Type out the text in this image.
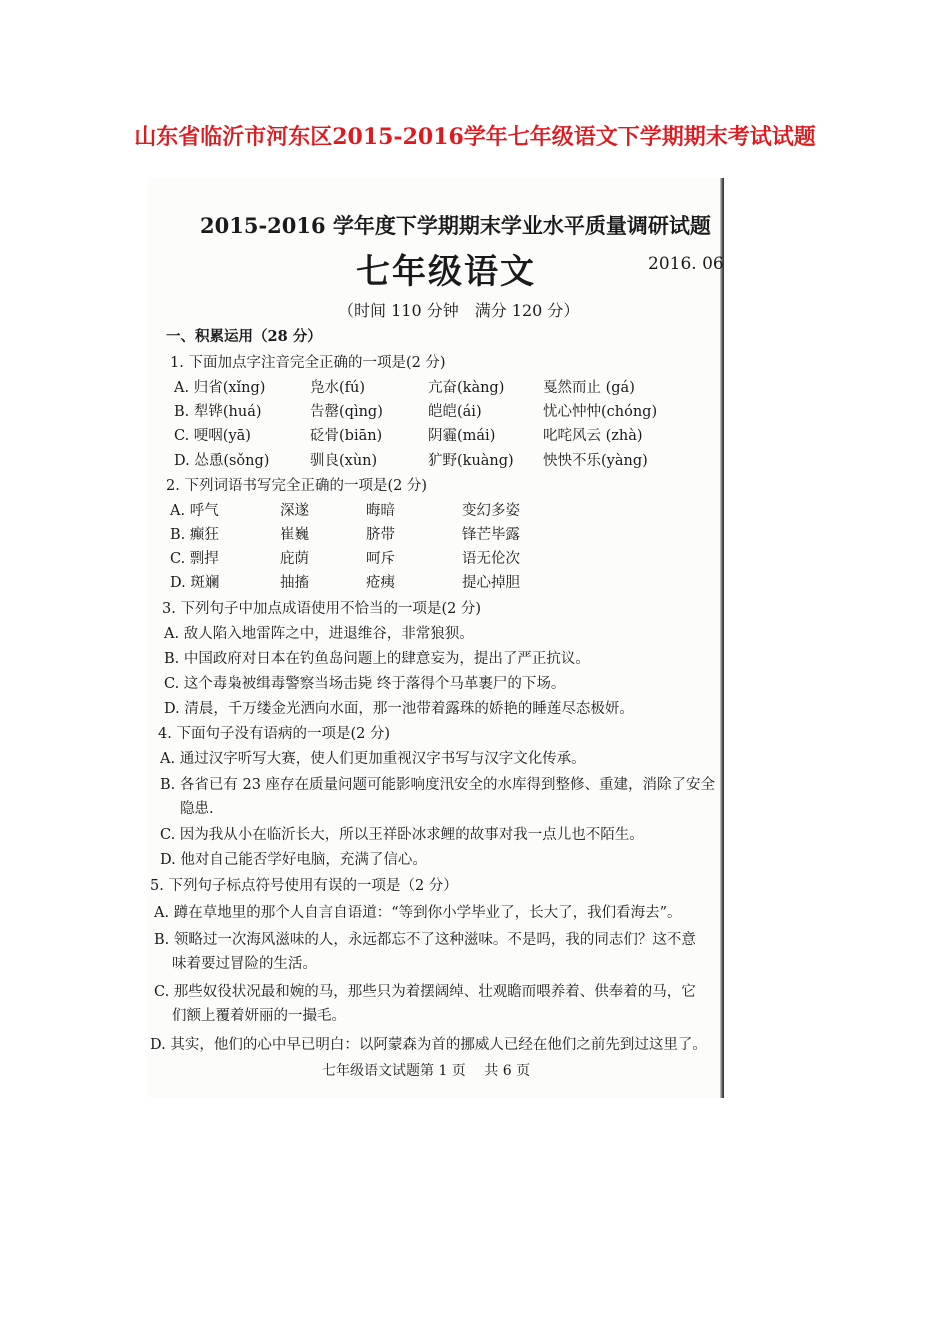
山东省临沂市河东区2015-2016学年七年级语文下学期期末考试试题
2015-2016 学年度下学期期末学业水平质量调研试题
七年级语文	2016. 06
（时间 110 分钟　满分 120 分）
一、积累运用（28 分）
1. 下面加点字注音完全正确的一项是(2 分)
A. 归省(xǐng)	凫水(fú)	亢奋(kàng)	戛然而止 (gá)
B. 犁铧(huá)	告罄(qìng)	皑皑(ái)	忧心忡忡(chóng)
C. 哽咽(yā)	砭骨(biān)	阴霾(mái)	叱咤风云 (zhà)
D. 怂恿(sǒng)	驯良(xùn)	犷野(kuàng) 怏怏不乐(yàng)
2. 下列词语书写完全正确的一项是(2 分)
A. 呼气	深遂	晦暗	变幻多姿
B. 癫狂	崔巍	脐带	锋芒毕露
C. 剽捍	庇荫	呵斥	语无伦次
D. 斑斓	抽搐	疮痍	提心掉胆
3. 下列句子中加点成语使用不恰当的一项是(2 分)
A. 敌人陷入地雷阵之中，进退维谷，非常狼狈。
B. 中国政府对日本在钓鱼岛问题上的肆意妄为，提出了严正抗议。
C. 这个毒枭被缉毒警察当场击毙 终于落得个马革裹尸的下场。
D. 清晨，千万缕金光洒向水面，那一池带着露珠的娇艳的睡莲尽态极妍。
4. 下面句子没有语病的一项是(2 分)
A. 通过汉字听写大赛，使人们更加重视汉字书写与汉字文化传承。
B. 各省已有 23 座存在质量问题可能影响度汛安全的水库得到整修、重建，消除了安全
隐患.
C. 因为我从小在临沂长大，所以王祥卧冰求鲤的故事对我一点儿也不陌生。
D. 他对自己能否学好电脑，充满了信心。
5. 下列句子标点符号使用有误的一项是（2 分）
A. 蹲在草地里的那个人自言自语道：“等到你小学毕业了，长大了，我们看海去”。
B. 领略过一次海风滋味的人，永远都忘不了这种滋味。不是吗，我的同志们？这不意
味着要过冒险的生活。
C. 那些奴役状况最和婉的马，那些只为着摆阔绰、壮观瞻而喂养着、供奉着的马，它
们额上覆着妍丽的一撮毛。
D. 其实，他们的心中早已明白：以阿蒙森为首的挪威人已经在他们之前先到过这里了。
七年级语文试题第 1 页　 共 6 页
